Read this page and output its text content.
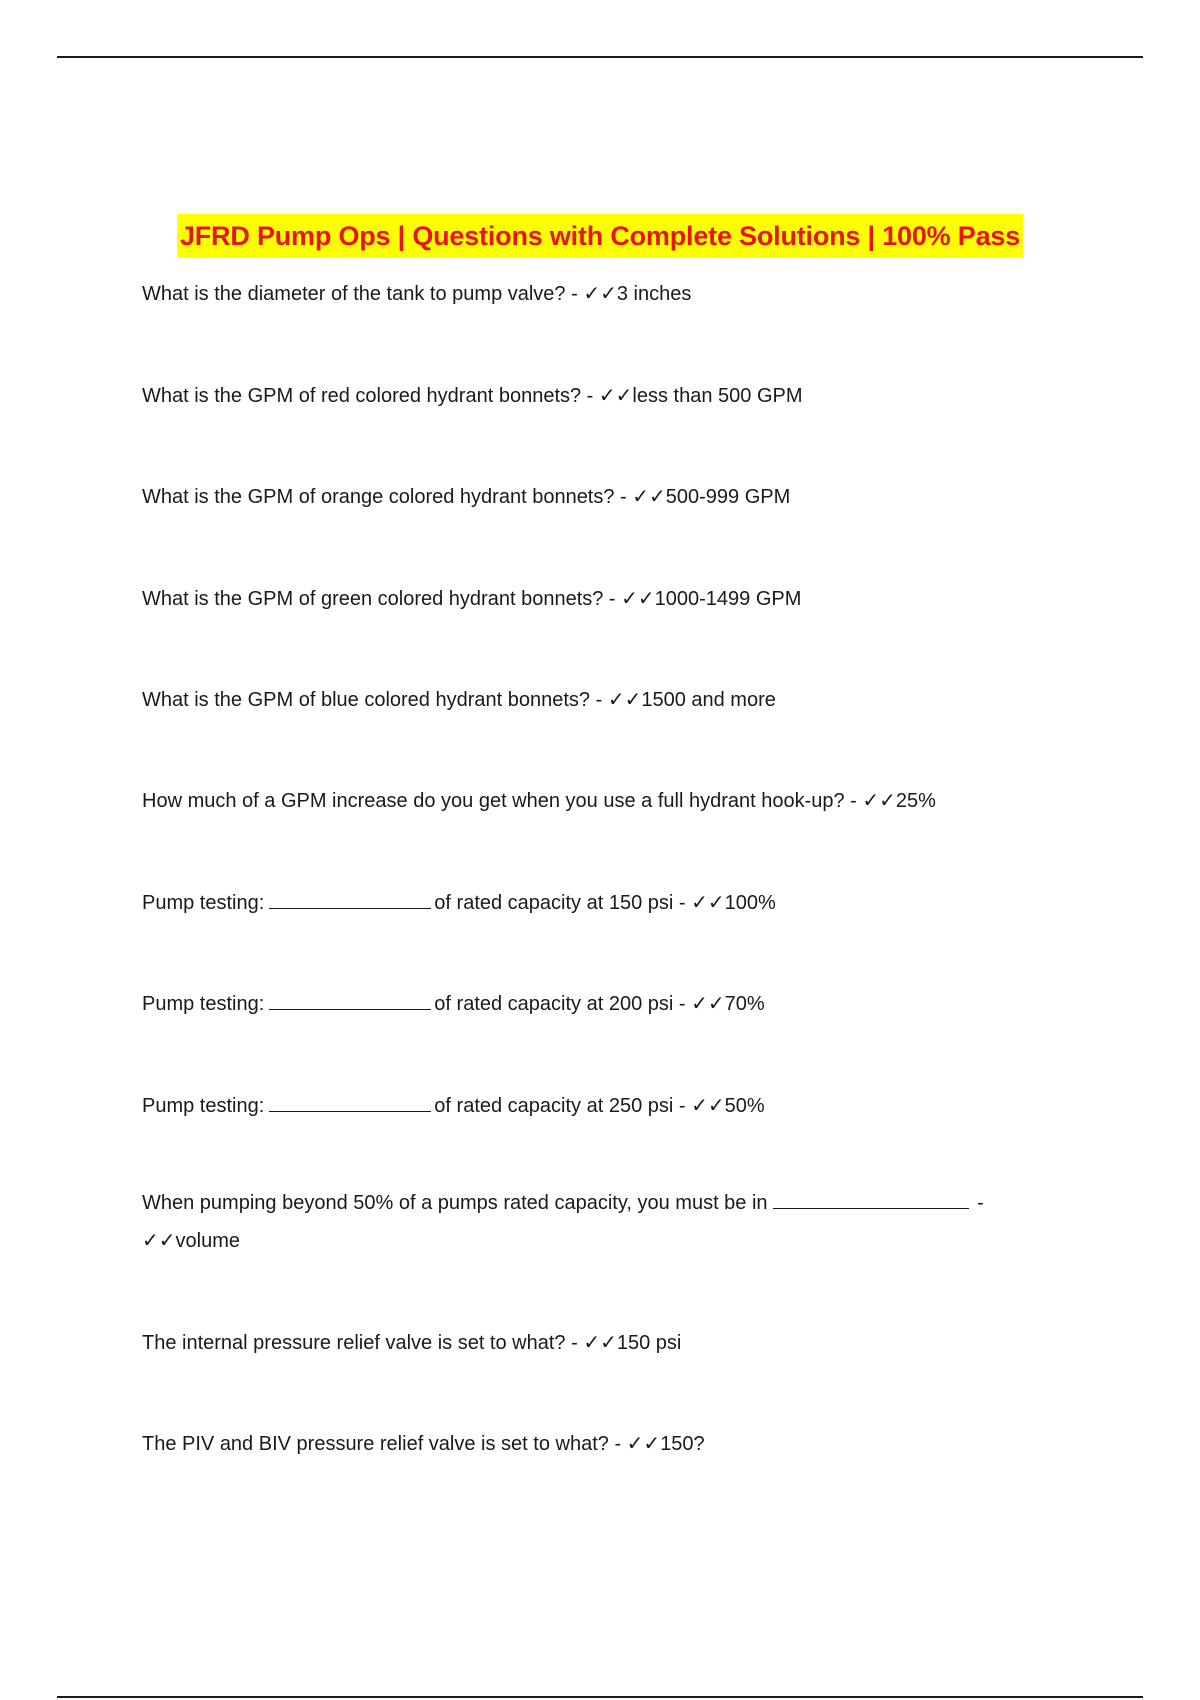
JFRD Pump Ops | Questions with Complete Solutions | 100% Pass
What is the diameter of the tank to pump valve? - ✓✓3 inches
What is the GPM of red colored hydrant bonnets? - ✓✓less than 500 GPM
What is the GPM of orange colored hydrant bonnets? - ✓✓500-999 GPM
What is the GPM of green colored hydrant bonnets? - ✓✓1000-1499 GPM
What is the GPM of blue colored hydrant bonnets? - ✓✓1500 and more
How much of a GPM increase do you get when you use a full hydrant hook-up? - ✓✓25%
Pump testing:	of rated capacity at 150 psi - ✓✓100%
Pump testing:	of rated capacity at 200 psi - ✓✓70%
Pump testing:	of rated capacity at 250 psi - ✓✓50%
When pumping beyond 50% of a pumps rated capacity, you must be in	-
✓✓volume
The internal pressure relief valve is set to what? - ✓✓150 psi
The PIV and BIV pressure relief valve is set to what? - ✓✓150?
